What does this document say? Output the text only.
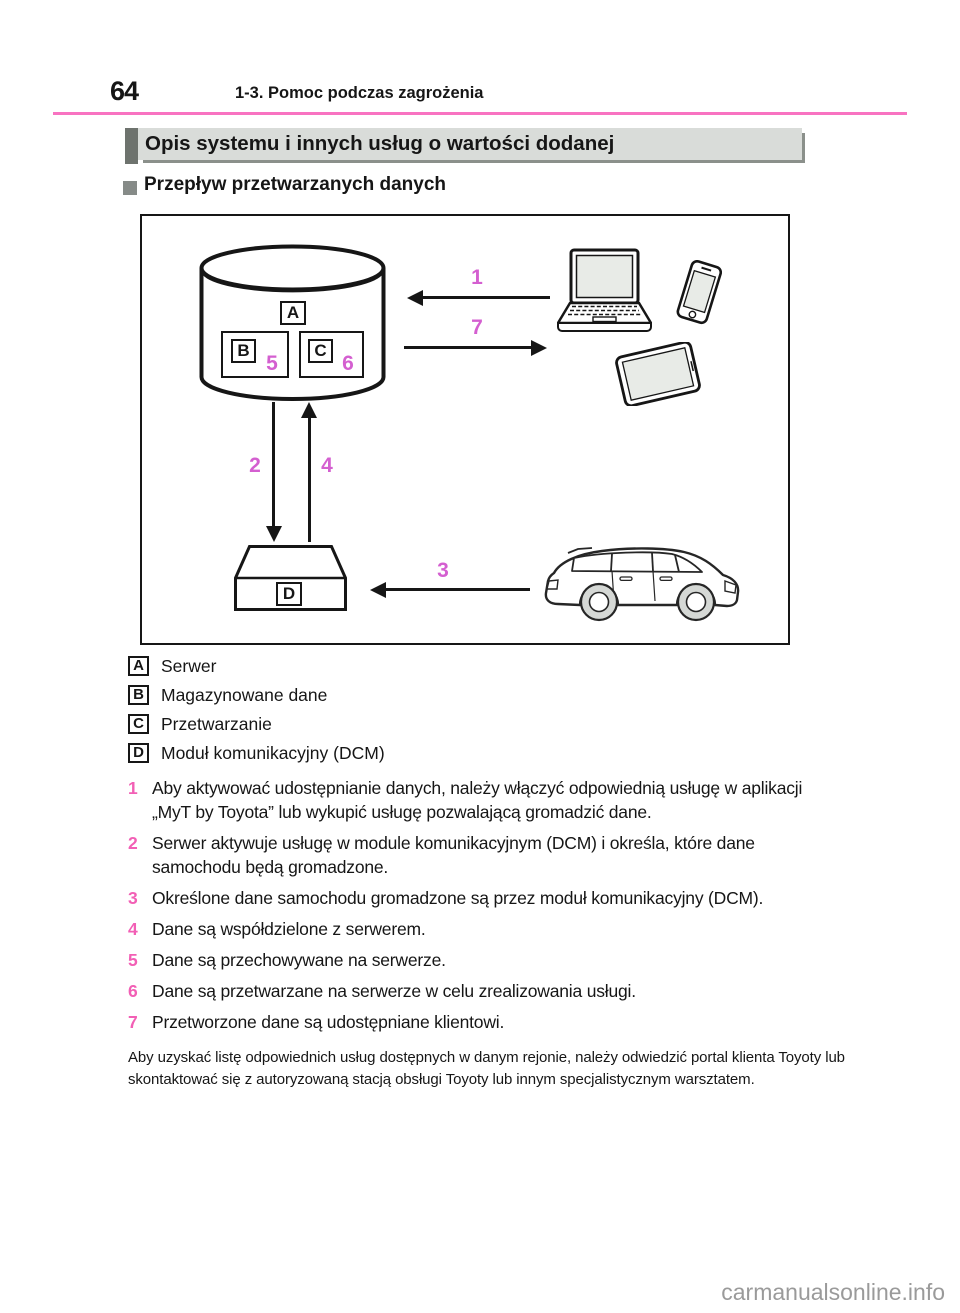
64	1-3. Pomoc podczas zagrożenia
Opis systemu i innych usług o wartości dodanej
Przepływ przetwarzanych danych
A
B
5
C
6
1
7
2	4
D
3
A Serwer
B Magazynowane dane
C Przetwarzanie
D Moduł komunikacyjny (DCM)
1 Aby aktywować udostępnianie danych, należy włączyć odpowiednią usługę w aplikacji „MyT by Toyota” lub wykupić usługę pozwalającą gromadzić dane.
2 Serwer aktywuje usługę w module komunikacyjnym (DCM) i określa, które dane samochodu będą gromadzone.
3 Określone dane samochodu gromadzone są przez moduł komunikacyjny (DCM).
4 Dane są współdzielone z serwerem.
5 Dane są przechowywane na serwerze.
6 Dane są przetwarzane na serwerze w celu zrealizowania usługi.
7 Przetworzone dane są udostępniane klientowi.
Aby uzyskać listę odpowiednich usług dostępnych w danym rejonie, należy odwiedzić portal klienta Toyoty lub skontaktować się z autoryzowaną stacją obsługi Toyoty lub innym specjalistycznym warsztatem.
carmanualsonline.info
